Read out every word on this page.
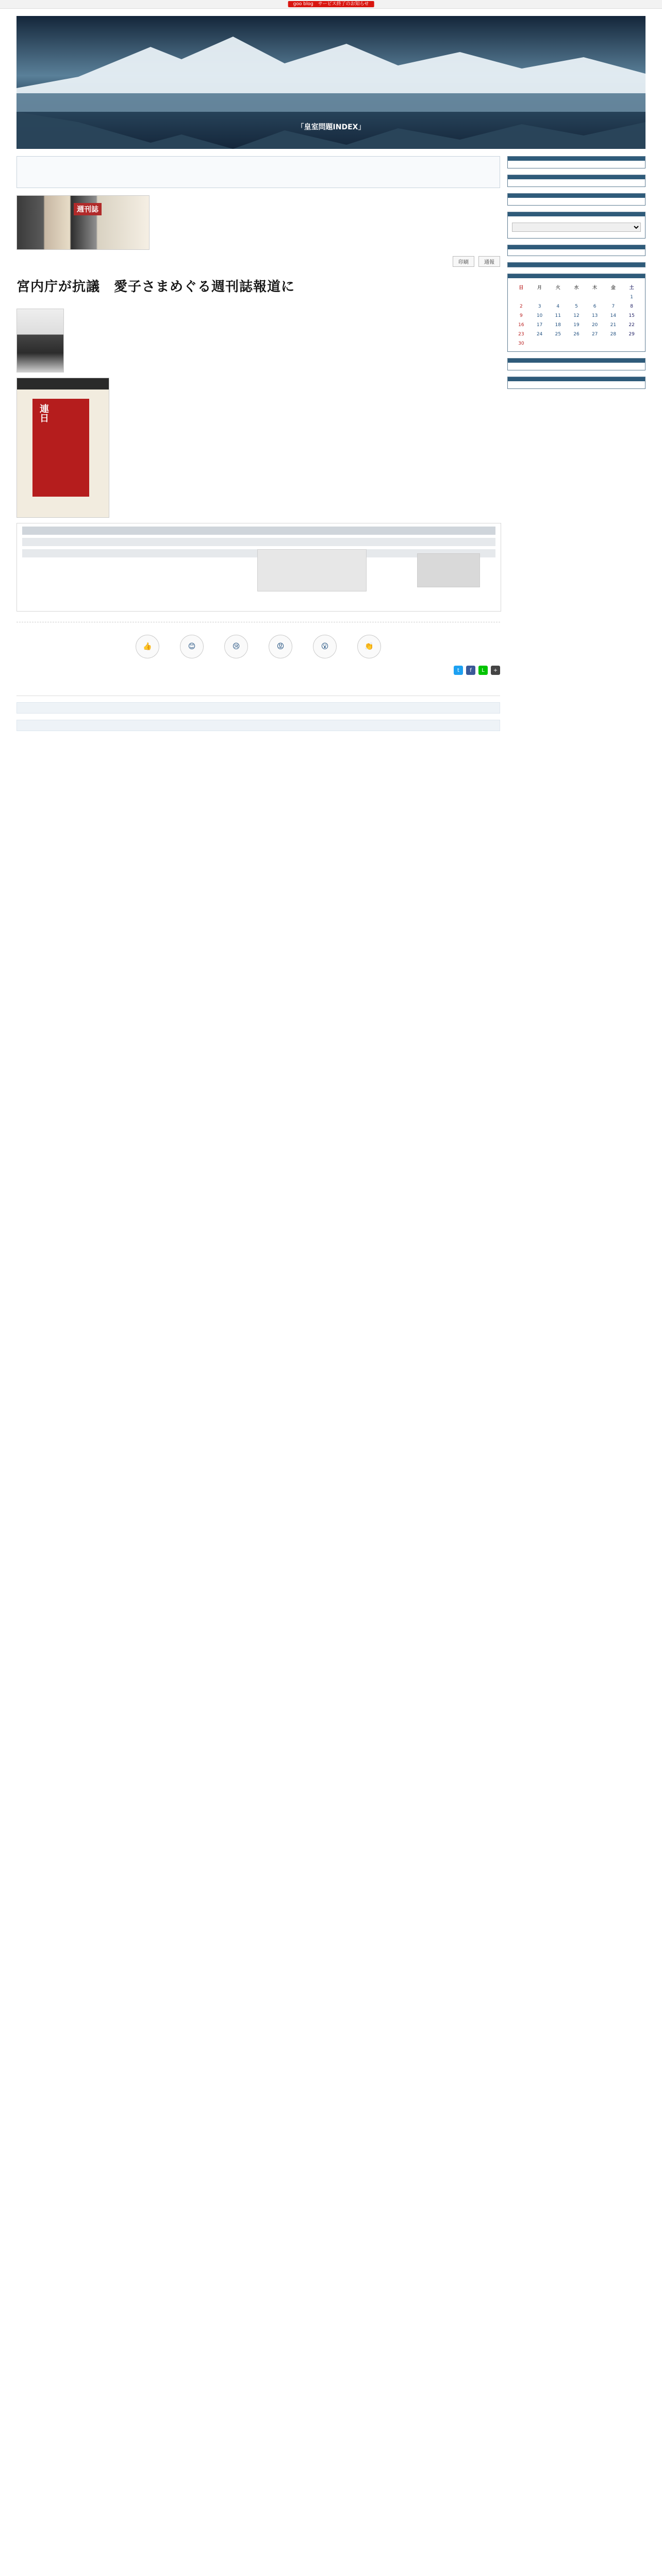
goo blog サービス終了のお知らせ
「皇室問題INDEX」

週刊誌

印刷	通報
宮内庁が抗議　愛子さまめぐる週刊誌報道に

連日

👍	😊	😢	😡	😮	👏
t	f	L	+
日	月	火	水	木	金	土
						1
2	3	4	5	6	7	8
9	10	11	12	13	14	15
16	17	18	19	20	21	22
23	24	25	26	27	28	29
30						
